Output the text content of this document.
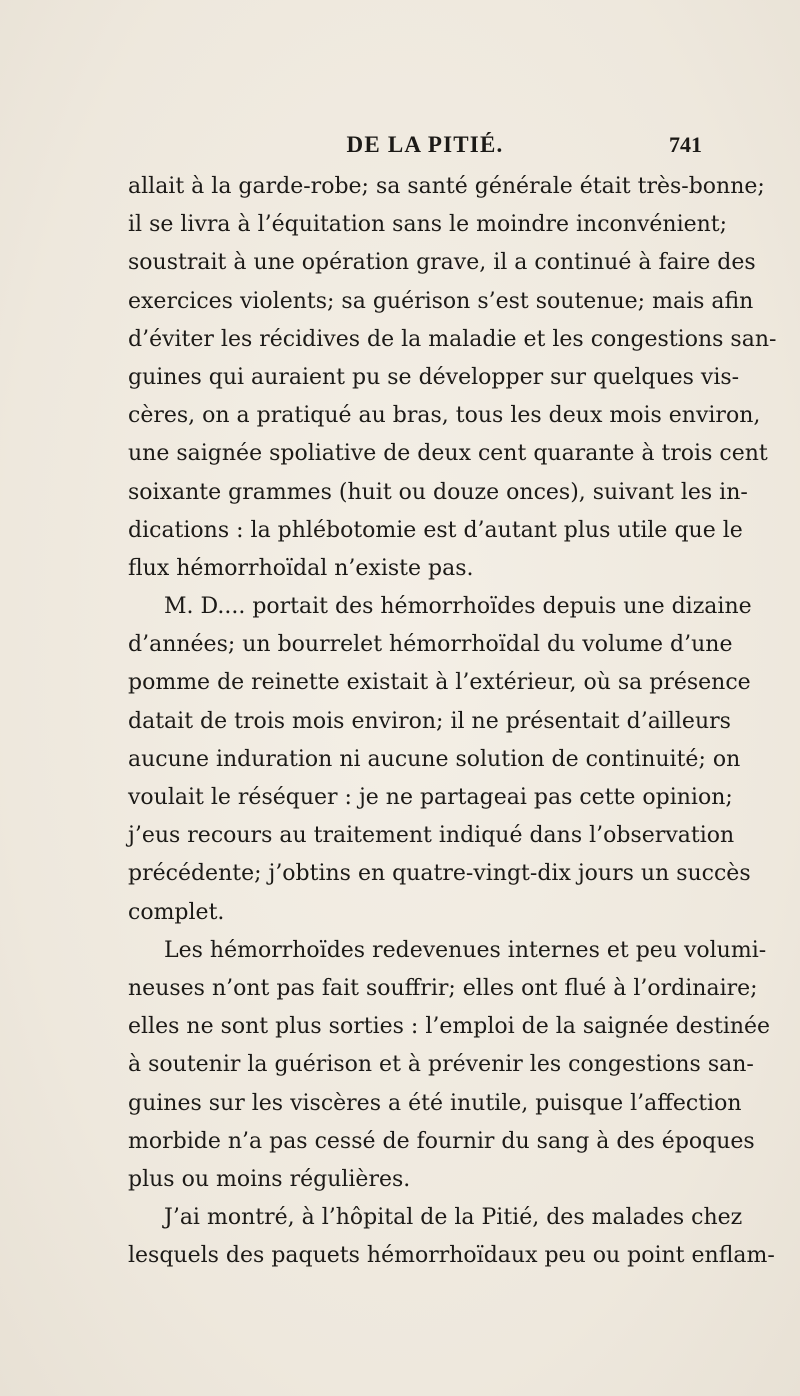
DE LA PITIÉ.	741
allait à la garde-robe; sa santé générale était très-bonne;
il se livra à l’équitation sans le moindre inconvénient;
soustrait à une opération grave, il a continué à faire des
exercices violents; sa guérison s’est soutenue; mais afin
d’éviter les récidives de la maladie et les congestions san-
guines qui auraient pu se développer sur quelques vis-
cères, on a pratiqué au bras, tous les deux mois environ,
une saignée spoliative de deux cent quarante à trois cent
soixante grammes (huit ou douze onces), suivant les in-
dications : la phlébotomie est d’autant plus utile que le
flux hémorrhoïdal n’existe pas.
M. D.... portait des hémorrhoïdes depuis une dizaine
d’années; un bourrelet hémorrhoïdal du volume d’une
pomme de reinette existait à l’extérieur, où sa présence
datait de trois mois environ; il ne présentait d’ailleurs
aucune induration ni aucune solution de continuité; on
voulait le réséquer : je ne partageai pas cette opinion;
j’eus recours au traitement indiqué dans l’observation
précédente; j’obtins en quatre-vingt-dix jours un succès
complet.
Les hémorrhoïdes redevenues internes et peu volumi-
neuses n’ont pas fait souffrir; elles ont flué à l’ordinaire;
elles ne sont plus sorties : l’emploi de la saignée destinée
à soutenir la guérison et à prévenir les congestions san-
guines sur les viscères a été inutile, puisque l’affection
morbide n’a pas cessé de fournir du sang à des époques
plus ou moins régulières.
J’ai montré, à l’hôpital de la Pitié, des malades chez
lesquels des paquets hémorrhoïdaux peu ou point enflam-
